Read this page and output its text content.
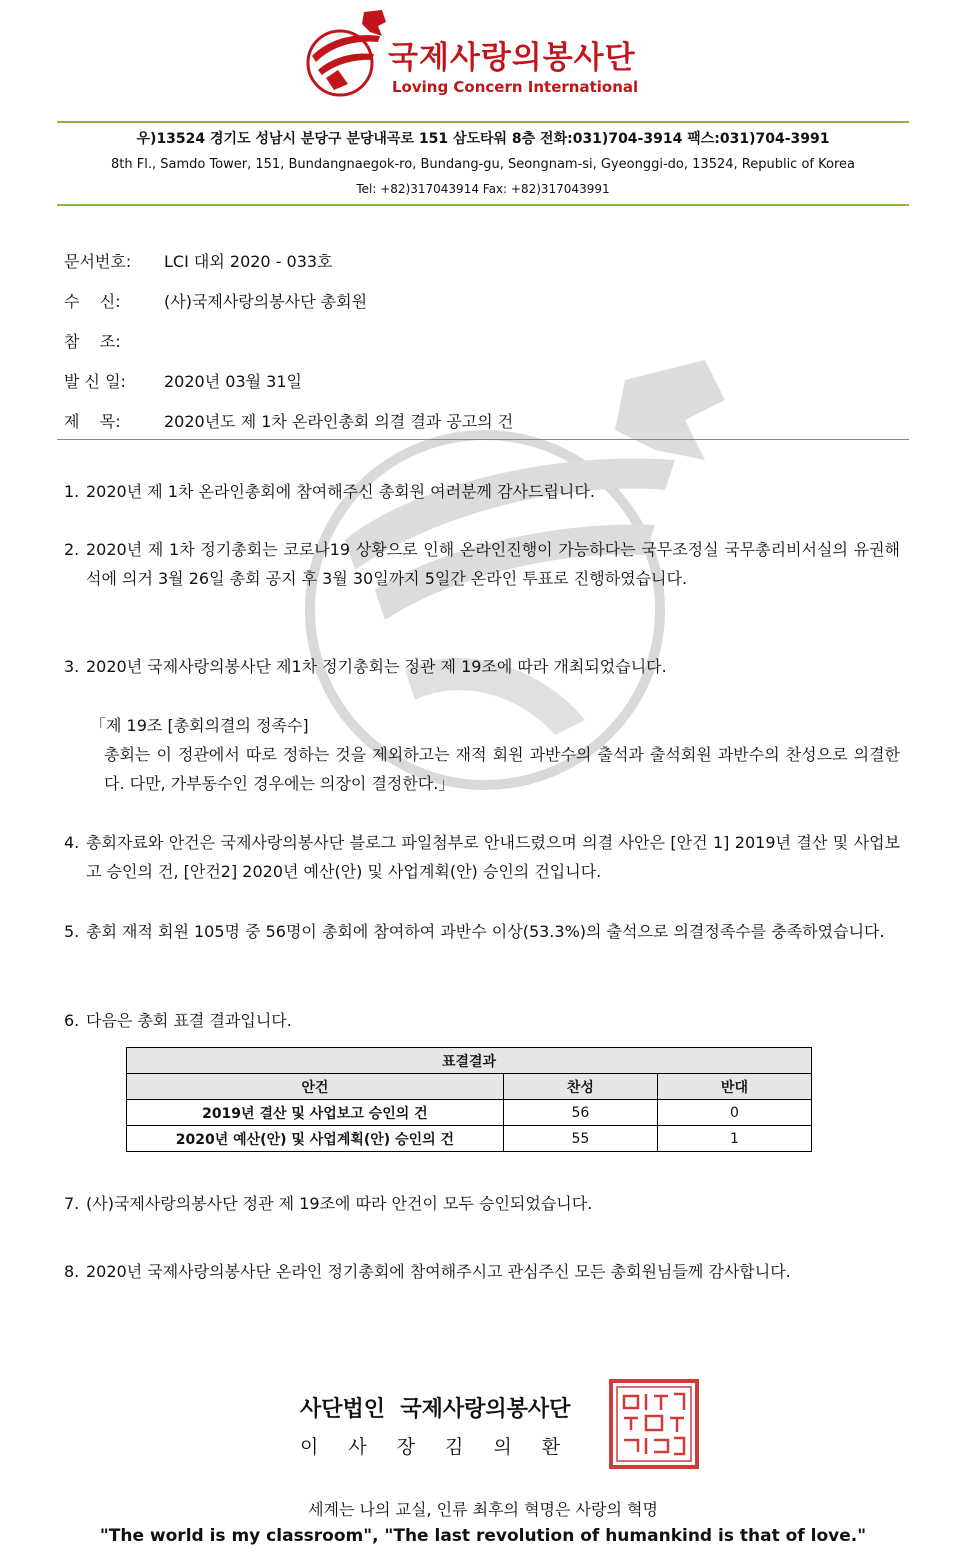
국제사랑의봉사단
Loving Concern International
우)13524 경기도 성남시 분당구 분당내곡로 151 삼도타워 8층 전화:031)704-3914 팩스:031)704-3991
8th Fl., Samdo Tower, 151, Bundangnaegok-ro, Bundang-gu, Seongnam-si, Gyeonggi-do, 13524, Republic of Korea
Tel: +82)317043914 Fax: +82)317043991
문서번호: LCI 대외 2020 - 033호
수    신:	(사)국제사랑의봉사단 총회원
참    조:
발 신 일: 2020년 03월 31일
제    목:	2020년도 제 1차 온라인총회 의결 결과 공고의 건
1. 2020년 제 1차 온라인총회에 참여해주신 총회원 여러분께 감사드립니다.
2. 2020년 제 1차 정기총회는 코로나19 상황으로 인해 온라인진행이 가능하다는 국무조정실 국무총리비서실의 유권해석에 의거 3월 26일 총회 공지 후 3월 30일까지 5일간 온라인 투표로 진행하였습니다.
3. 2020년 국제사랑의봉사단 제1차 정기총회는 정관 제 19조에 따라 개최되었습니다.
「제 19조 [총회의결의 정족수]
총회는 이 정관에서 따로 정하는 것을 제외하고는 재적 회원 과반수의 출석과 출석회원 과반수의 찬성으로 의결한다. 다만, 가부동수인 경우에는 의장이 결정한다.」
4. 총회자료와 안건은 국제사랑의봉사단 블로그 파일첨부로 안내드렸으며 의결 사안은 [안건 1] 2019년 결산 및 사업보고 승인의 건, [안건2] 2020년 예산(안) 및 사업계획(안) 승인의 건입니다.
5. 총회 재적 회원 105명 중 56명이 총회에 참여하여 과반수 이상(53.3%)의 출석으로 의결정족수를 충족하였습니다.
6. 다음은 총회 표결 결과입니다.
표결결과		
안건	찬성	반대
2019년 결산 및 사업보고 승인의 건	56	0
2020년 예산(안) 및 사업계획(안) 승인의 건	55	1
7. (사)국제사랑의봉사단 정관 제 19조에 따라 안건이 모두 승인되었습니다.
8. 2020년 국제사랑의봉사단 온라인 정기총회에 참여해주시고 관심주신 모든 총회원님들께 감사합니다.
사단법인  국제사랑의봉사단
이사장김의환
세계는 나의 교실, 인류 최후의 혁명은 사랑의 혁명
"The world is my classroom", "The last revolution of humankind is that of love."
